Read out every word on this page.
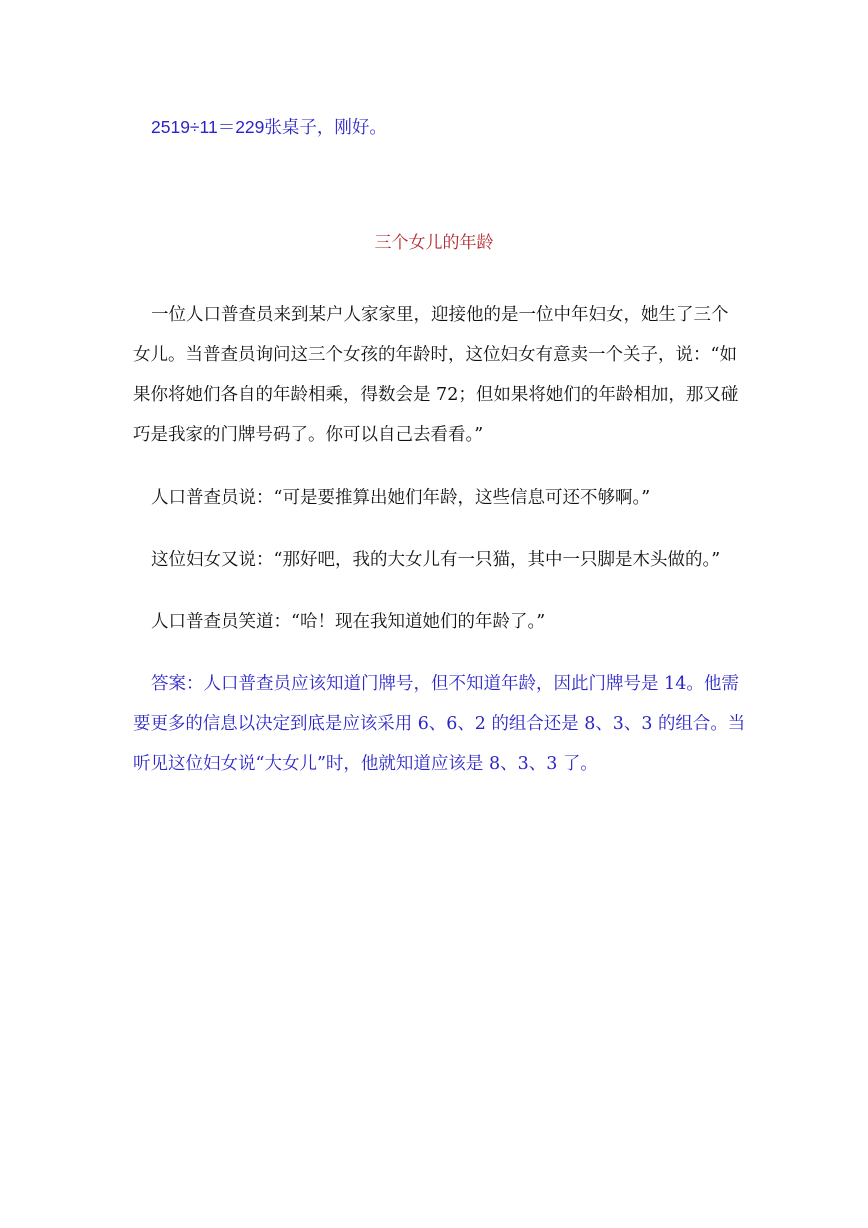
2519÷11＝229张桌子，刚好。
三个女儿的年龄
一位人口普查员来到某户人家家里，迎接他的是一位中年妇女，她生了三个
女儿。当普查员询问这三个女孩的年龄时，这位妇女有意卖一个关子，说：“如
果你将她们各自的年龄相乘，得数会是 72；但如果将她们的年龄相加，那又碰
巧是我家的门牌号码了。你可以自己去看看。”
人口普查员说：“可是要推算出她们年龄，这些信息可还不够啊。”
这位妇女又说：“那好吧，我的大女儿有一只猫，其中一只脚是木头做的。”
人口普查员笑道：“哈！现在我知道她们的年龄了。”
答案：人口普查员应该知道门牌号，但不知道年龄，因此门牌号是 14。他需
要更多的信息以决定到底是应该采用 6、6、2 的组合还是 8、3、3 的组合。当
听见这位妇女说“大女儿”时，他就知道应该是 8、3、3 了。
